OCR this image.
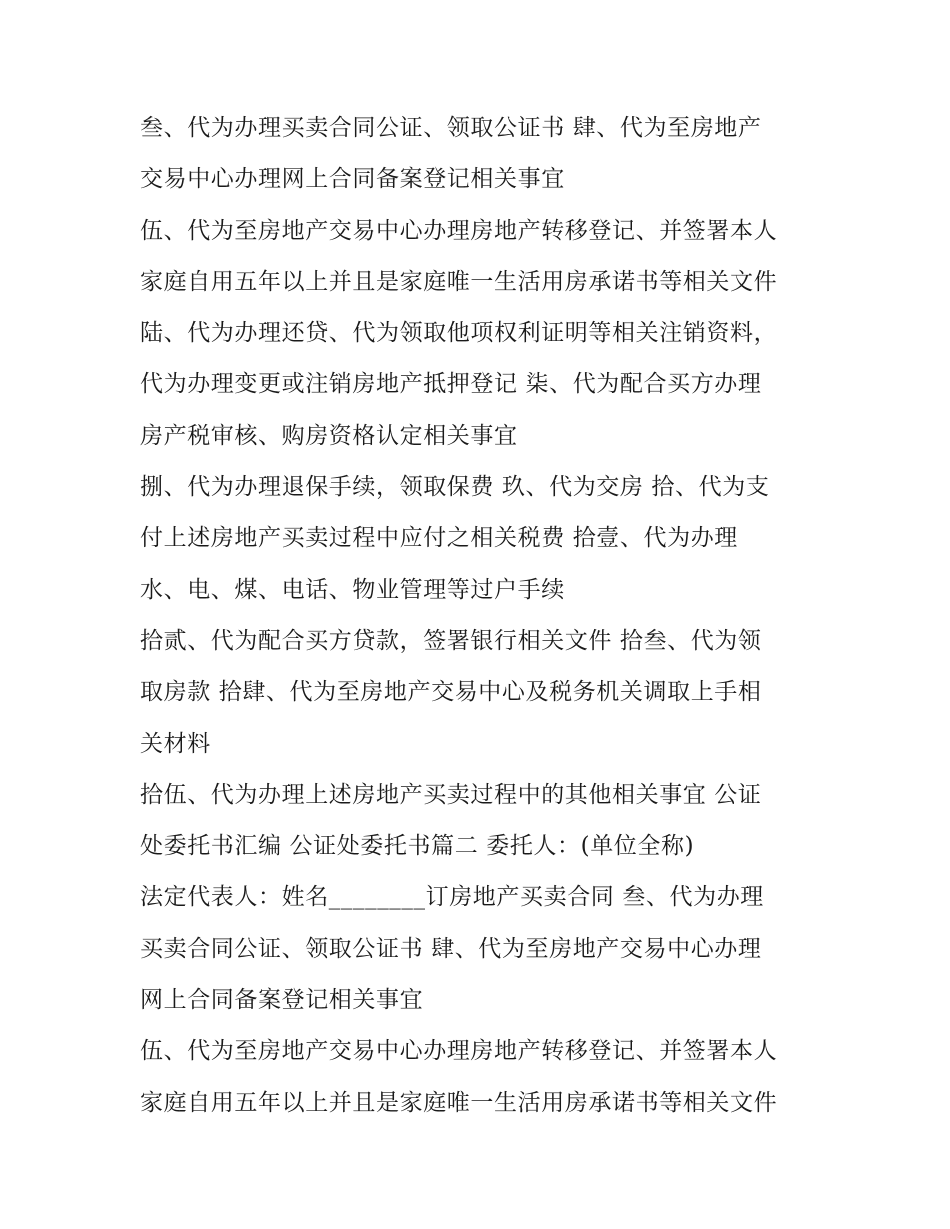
叁、代为办理买卖合同公证、领取公证书 肆、代为至房地产
交易中心办理网上合同备案登记相关事宜
伍、代为至房地产交易中心办理房地产转移登记、并签署本人
家庭自用五年以上并且是家庭唯一生活用房承诺书等相关文件
陆、代为办理还贷、代为领取他项权利证明等相关注销资料，
代为办理变更或注销房地产抵押登记 柒、代为配合买方办理
房产税审核、购房资格认定相关事宜
捌、代为办理退保手续，领取保费 玖、代为交房 拾、代为支
付上述房地产买卖过程中应付之相关税费 拾壹、代为办理
水、电、煤、电话、物业管理等过户手续
拾贰、代为配合买方贷款，签署银行相关文件 拾叁、代为领
取房款 拾肆、代为至房地产交易中心及税务机关调取上手相
关材料
拾伍、代为办理上述房地产买卖过程中的其他相关事宜 公证
处委托书汇编 公证处委托书篇二 委托人：(单位全称)
法定代表人：姓名________订房地产买卖合同 叁、代为办理
买卖合同公证、领取公证书 肆、代为至房地产交易中心办理
网上合同备案登记相关事宜
伍、代为至房地产交易中心办理房地产转移登记、并签署本人
家庭自用五年以上并且是家庭唯一生活用房承诺书等相关文件
